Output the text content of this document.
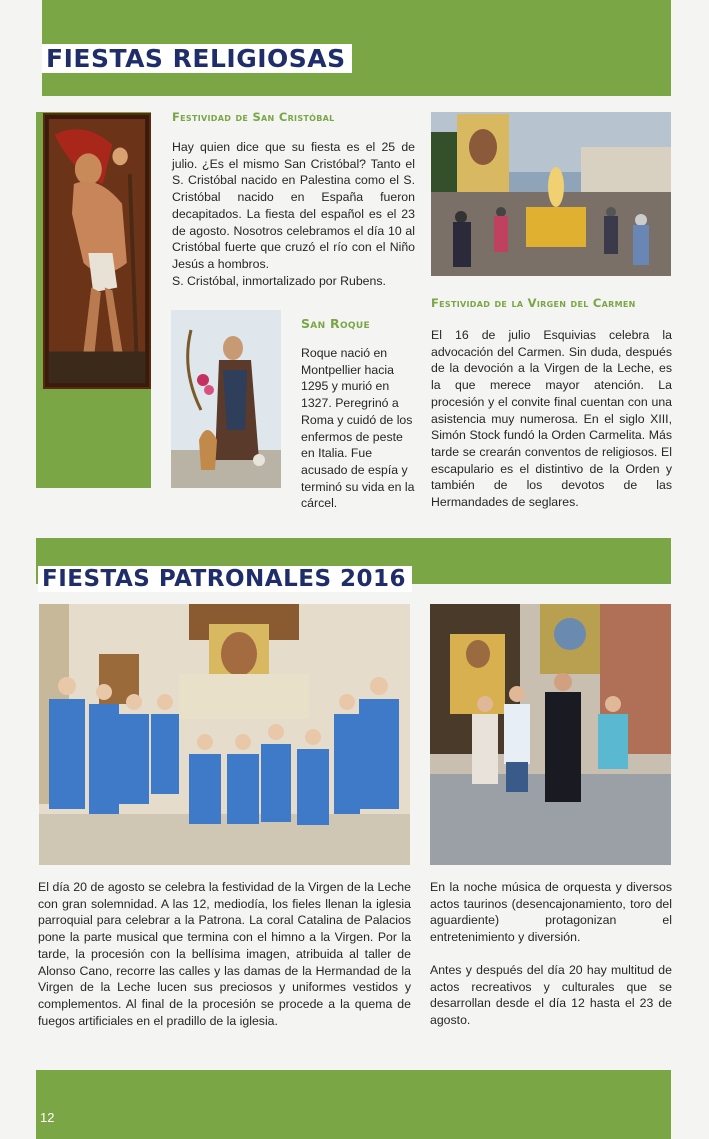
FIESTAS RELIGIOSAS
Festividad de San Cristóbal

Hay quien dice que su fiesta es el 25 de julio. ¿Es el mismo San Cristóbal? Tanto el S. Cristóbal nacido en Palestina como el S. Cristóbal nacido en España fueron decapitados. La fiesta del español es el 23 de agosto. Nosotros celebramos el día 10 al Cristóbal fuerte que cruzó el río con el Niño Jesús a hombros.

S. Cristóbal, inmortalizado por Rubens.

San Roque
Roque nació en Montpellier hacia 1295 y murió en 1327. Peregrinó a Roma y cuidó de los enfermos de peste en Italia. Fue acusado de espía y terminó su vida en la cárcel.
Festividad de la Virgen del Carmen
El 16 de julio Esquivias celebra la advocación del Carmen. Sin duda, después de la devoción a la Virgen de la Leche, es la que merece mayor atención. La procesión y el convite final cuentan con una asistencia muy numerosa. En el siglo XIII, Simón Stock fundó la Orden Carmelita. Más tarde se crearán conventos de religiosos. El escapulario es el distintivo de la Orden y también de los devotos de las Hermandades de seglares.
FIESTAS PATRONALES 2016
El día 20 de agosto se celebra la festividad de la Virgen de la Leche con gran solemnidad. A las 12, mediodía, los fieles llenan la iglesia parroquial para celebrar a la Patrona. La coral Catalina de Palacios pone la parte musical que termina con el himno a la Virgen. Por la tarde, la procesión con la bellísima imagen, atribuida al taller de Alonso Cano, recorre las calles y las damas de la Hermandad de la Virgen de la Leche lucen sus preciosos y uniformes vestidos y complementos. Al final de la procesión se procede a la quema de fuegos artificiales en el pradillo de la iglesia.

En la noche música de orquesta y diversos actos taurinos (desencajonamiento, toro del aguardiente) protagonizan el entretenimiento y diversión.

Antes y después del día 20 hay multitud de actos recreativos y culturales que se desarrollan desde el día 12 hasta el 23 de agosto.

12
